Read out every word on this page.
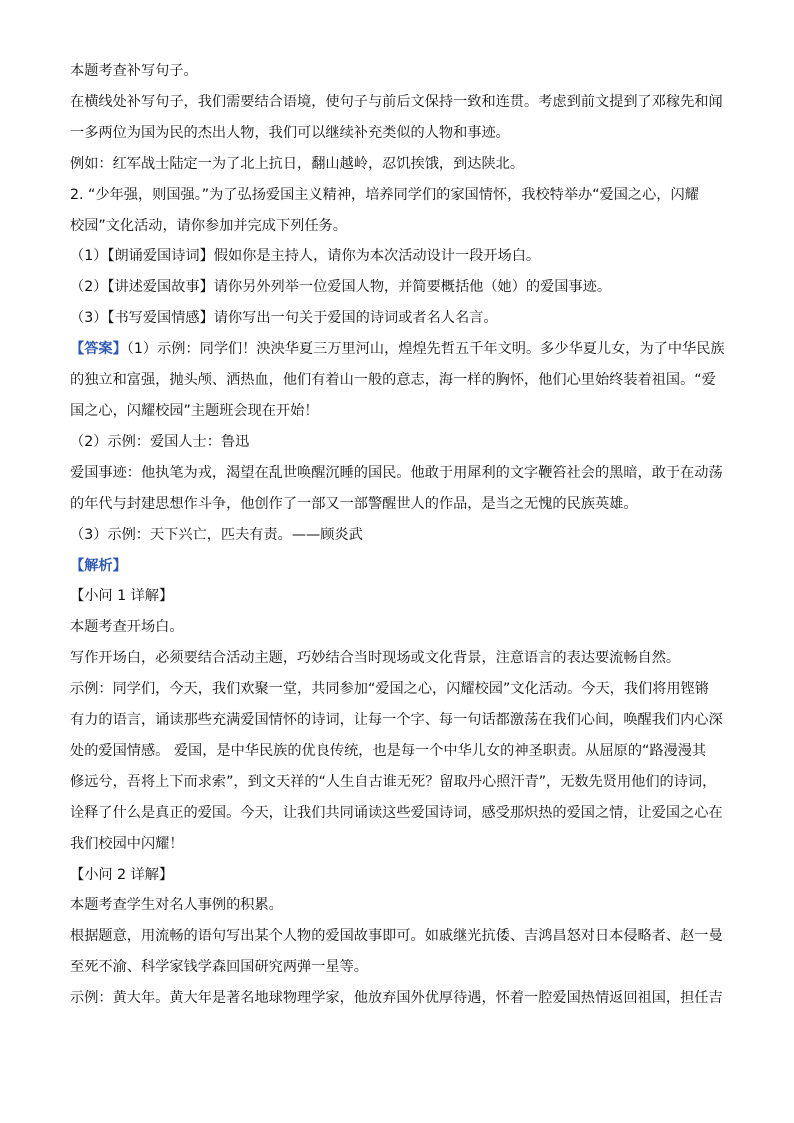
本题考查补写句子。
在横线处补写句子，我们需要结合语境，使句子与前后文保持一致和连贯。考虑到前文提到了邓稼先和闻
一多两位为国为民的杰出人物，我们可以继续补充类似的人物和事迹。
例如：红军战士陆定一为了北上抗日，翻山越岭，忍饥挨饿，到达陕北。
2. “少年强，则国强。”为了弘扬爱国主义精神，培养同学们的家国情怀，我校特举办“爱国之心，闪耀
校园”文化活动，请你参加并完成下列任务。
（1）【朗诵爱国诗词】假如你是主持人，请你为本次活动设计一段开场白。
（2）【讲述爱国故事】请你另外列举一位爱国人物，并简要概括他（她）的爱国事迹。
（3）【书写爱国情感】请你写出一句关于爱国的诗词或者名人名言。
【答案】（1）示例：同学们！泱泱华夏三万里河山，煌煌先哲五千年文明。多少华夏儿女，为了中华民族
的独立和富强，抛头颅、洒热血，他们有着山一般的意志，海一样的胸怀，他们心里始终装着祖国。“爱
国之心，闪耀校园”主题班会现在开始！
（2）示例：爱国人士：鲁迅
爱国事迹：他执笔为戎，渴望在乱世唤醒沉睡的国民。他敢于用犀利的文字鞭笞社会的黑暗，敢于在动荡
的年代与封建思想作斗争，他创作了一部又一部警醒世人的作品，是当之无愧的民族英雄。
（3）示例：天下兴亡，匹夫有责。——顾炎武
【解析】
【小问 1 详解】
本题考查开场白。
写作开场白，必须要结合活动主题，巧妙结合当时现场或文化背景，注意语言的表达要流畅自然。
示例：同学们，今天，我们欢聚一堂，共同参加“爱国之心，闪耀校园”文化活动。今天，我们将用铿锵
有力的语言，诵读那些充满爱国情怀的诗词，让每一个字、每一句话都激荡在我们心间，唤醒我们内心深
处的爱国情感。 爱国，是中华民族的优良传统，也是每一个中华儿女的神圣职责。从屈原的“路漫漫其
修远兮，吾将上下而求索”，到文天祥的“人生自古谁无死？留取丹心照汗青”，无数先贤用他们的诗词，
诠释了什么是真正的爱国。今天，让我们共同诵读这些爱国诗词，感受那炽热的爱国之情，让爱国之心在
我们校园中闪耀！
【小问 2 详解】
本题考查学生对名人事例的积累。
根据题意，用流畅的语句写出某个人物的爱国故事即可。如戚继光抗倭、吉鸿昌怒对日本侵略者、赵一曼
至死不渝、科学家钱学森回国研究两弹一星等。
示例：黄大年。黄大年是著名地球物理学家，他放弃国外优厚待遇，怀着一腔爱国热情返回祖国，担任吉
